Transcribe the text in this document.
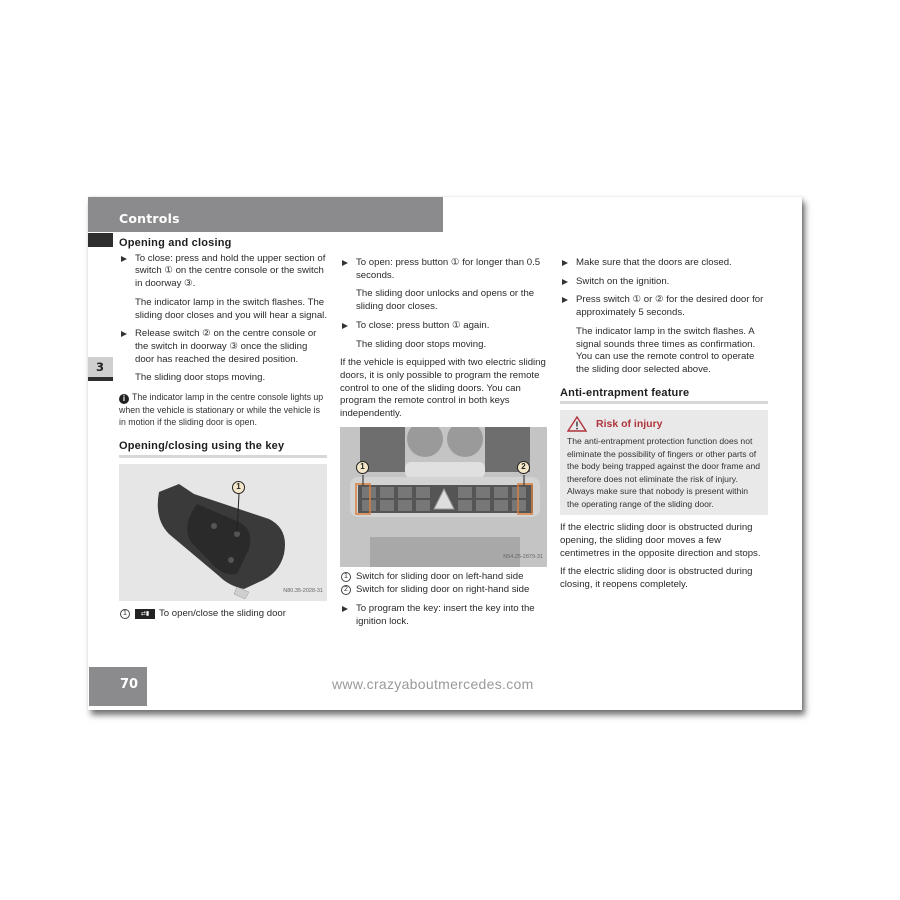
Controls
3
Opening and closing
To close: press and hold the upper section of switch ① on the centre console or the switch in doorway ③.
The indicator lamp in the switch flashes. The sliding door closes and you will hear a signal.
Release switch ② on the centre console or the switch in doorway ③ once the sliding door has reached the desired position.
The sliding door stops moving.
i The indicator lamp in the centre console lights up when the vehicle is stationary or while the vehicle is in motion if the sliding door is open.
Opening/closing using the key
1
N80.35-2028-31
1	⇄▮	To open/close the sliding door
To open: press button ① for longer than 0.5 seconds.
The sliding door unlocks and opens or the sliding door closes.
To close: press button ① again.
The sliding door stops moving.
If the vehicle is equipped with two electric sliding doors, it is only possible to program the remote control to one of the sliding doors. You can program the remote control in both keys independently.
1	2
N54.25-2879-31
1 Switch for sliding door on left-hand side
2 Switch for sliding door on right-hand side
To program the key: insert the key into the ignition lock.
Make sure that the doors are closed.
Switch on the ignition.
Press switch ① or ② for the desired door for approximately 5 seconds.
The indicator lamp in the switch flashes. A signal sounds three times as confirmation. You can use the remote control to operate the sliding door selected above.
Anti-entrapment feature
Risk of injury
The anti-entrapment protection function does not eliminate the possibility of fingers or other parts of the body being trapped against the door frame and therefore does not eliminate the risk of injury.
Always make sure that nobody is present within the operating range of the sliding door.
If the electric sliding door is obstructed during opening, the sliding door moves a few centimetres in the opposite direction and stops.
If the electric sliding door is obstructed during closing, it reopens completely.
70	www.crazyaboutmercedes.com
